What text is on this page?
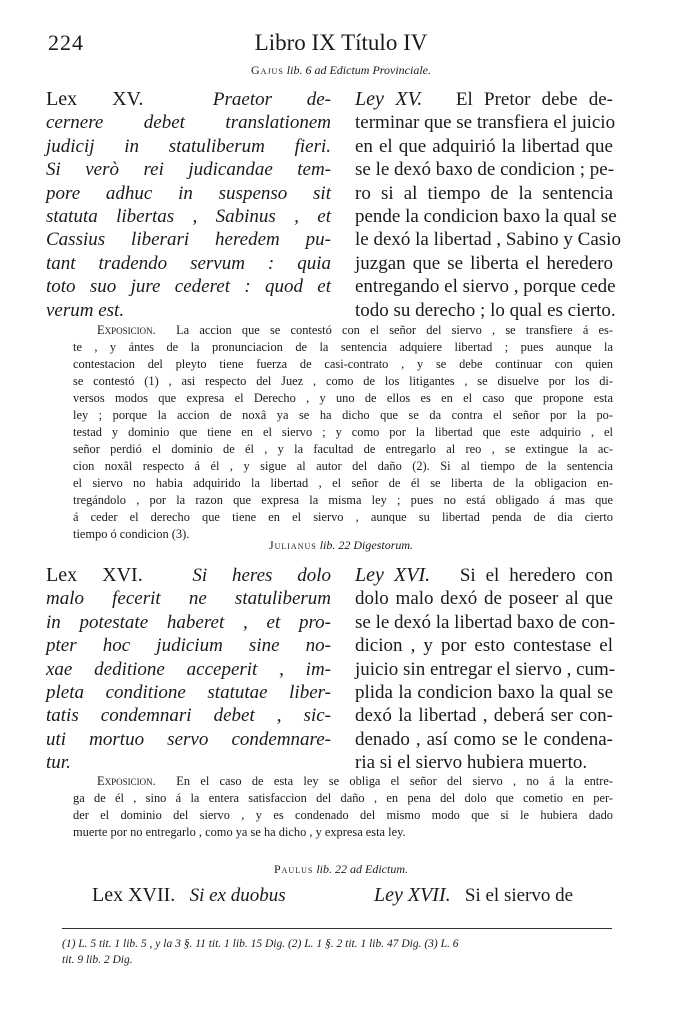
224	Libro IX Título IV
Gajus lib. 6 ad Edictum Provinciale.
Lex XV.	Praetor de-
cernere debet translationem
judicij in statuliberum fieri.
Si verò rei judicandae tem-
pore adhuc in suspenso sit
statuta libertas , Sabinus , et
Cassius liberari heredem pu-
tant tradendo servum : quia
toto suo jure cederet : quod et
verum est.
Ley XV. El Pretor debe de-
terminar que se transfiera el juicio
en el que adquirió la libertad que
se le dexó baxo de condicion ; pe-
ro si al tiempo de la sentencia
pende la condicion baxo la qual se
le dexó la libertad , Sabino y Casio
juzgan que se liberta el heredero
entregando el siervo , porque cede
todo su derecho ; lo qual es cierto.
Exposicion. La accion que se contestó con el señor del siervo , se transfiere á es-
te , y ántes de la pronunciacion de la sentencia adquiere libertad ; pues aunque la
contestacion del pleyto tiene fuerza de casi-contrato , y se debe continuar con quien
se contestó (1) , asi respecto del Juez , como de los litigantes , se disuelve por los di-
versos modos que expresa el Derecho , y uno de ellos es en el caso que propone esta
ley ; porque la accion de noxâ ya se ha dicho que se da contra el señor por la po-
testad y dominio que tiene en el siervo ; y como por la libertad que este adquirio , el
señor perdió el dominio de él , y la facultad de entregarlo al reo , se extingue la ac-
cion noxâl respecto á él , y sigue al autor del daño (2). Si al tiempo de la sentencia
el siervo no habia adquirido la libertad , el señor de él se liberta de la obligacion en-
tregándolo , por la razon que expresa la misma ley ; pues no está obligado á mas que
á ceder el derecho que tiene en el siervo , aunque su libertad penda de dia cierto
tiempo ó condicion (3).
Julianus lib. 22 Digestorum.
Lex XVI.	Si heres dolo
malo fecerit ne statuliberum
in potestate haberet , et pro-
pter hoc judicium sine no-
xae deditione acceperit , im-
pleta conditione statutae liber-
tatis condemnari debet , sic-
uti mortuo servo condemnare-
tur.
Ley XVI. Si el heredero con
dolo malo dexó de poseer al que
se le dexó la libertad baxo de con-
dicion , y por esto contestase el
juicio sin entregar el siervo , cum-
plida la condicion baxo la qual se
dexó la libertad , deberá ser con-
denado , así como se le condena-
ria si el siervo hubiera muerto.
Exposicion. En el caso de esta ley se obliga el señor del siervo , no á la entre-
ga de él , sino á la entera satisfaccion del daño , en pena del dolo que cometio en per-
der el dominio del siervo , y es condenado del mismo modo que si le hubiera dado
muerte por no entregarlo , como ya se ha dicho , y expresa esta ley.
Paulus lib. 22 ad Edictum.
Lex XVII. Si ex duobus	Ley XVII. Si el siervo de
(1) L. 5 tit. 1 lib. 5 , y la 3 §. 11 tit. 1 lib. 15 Dig. (2) L. 1 §. 2 tit. 1 lib. 47 Dig. (3) L. 6
tit. 9 lib. 2 Dig.
